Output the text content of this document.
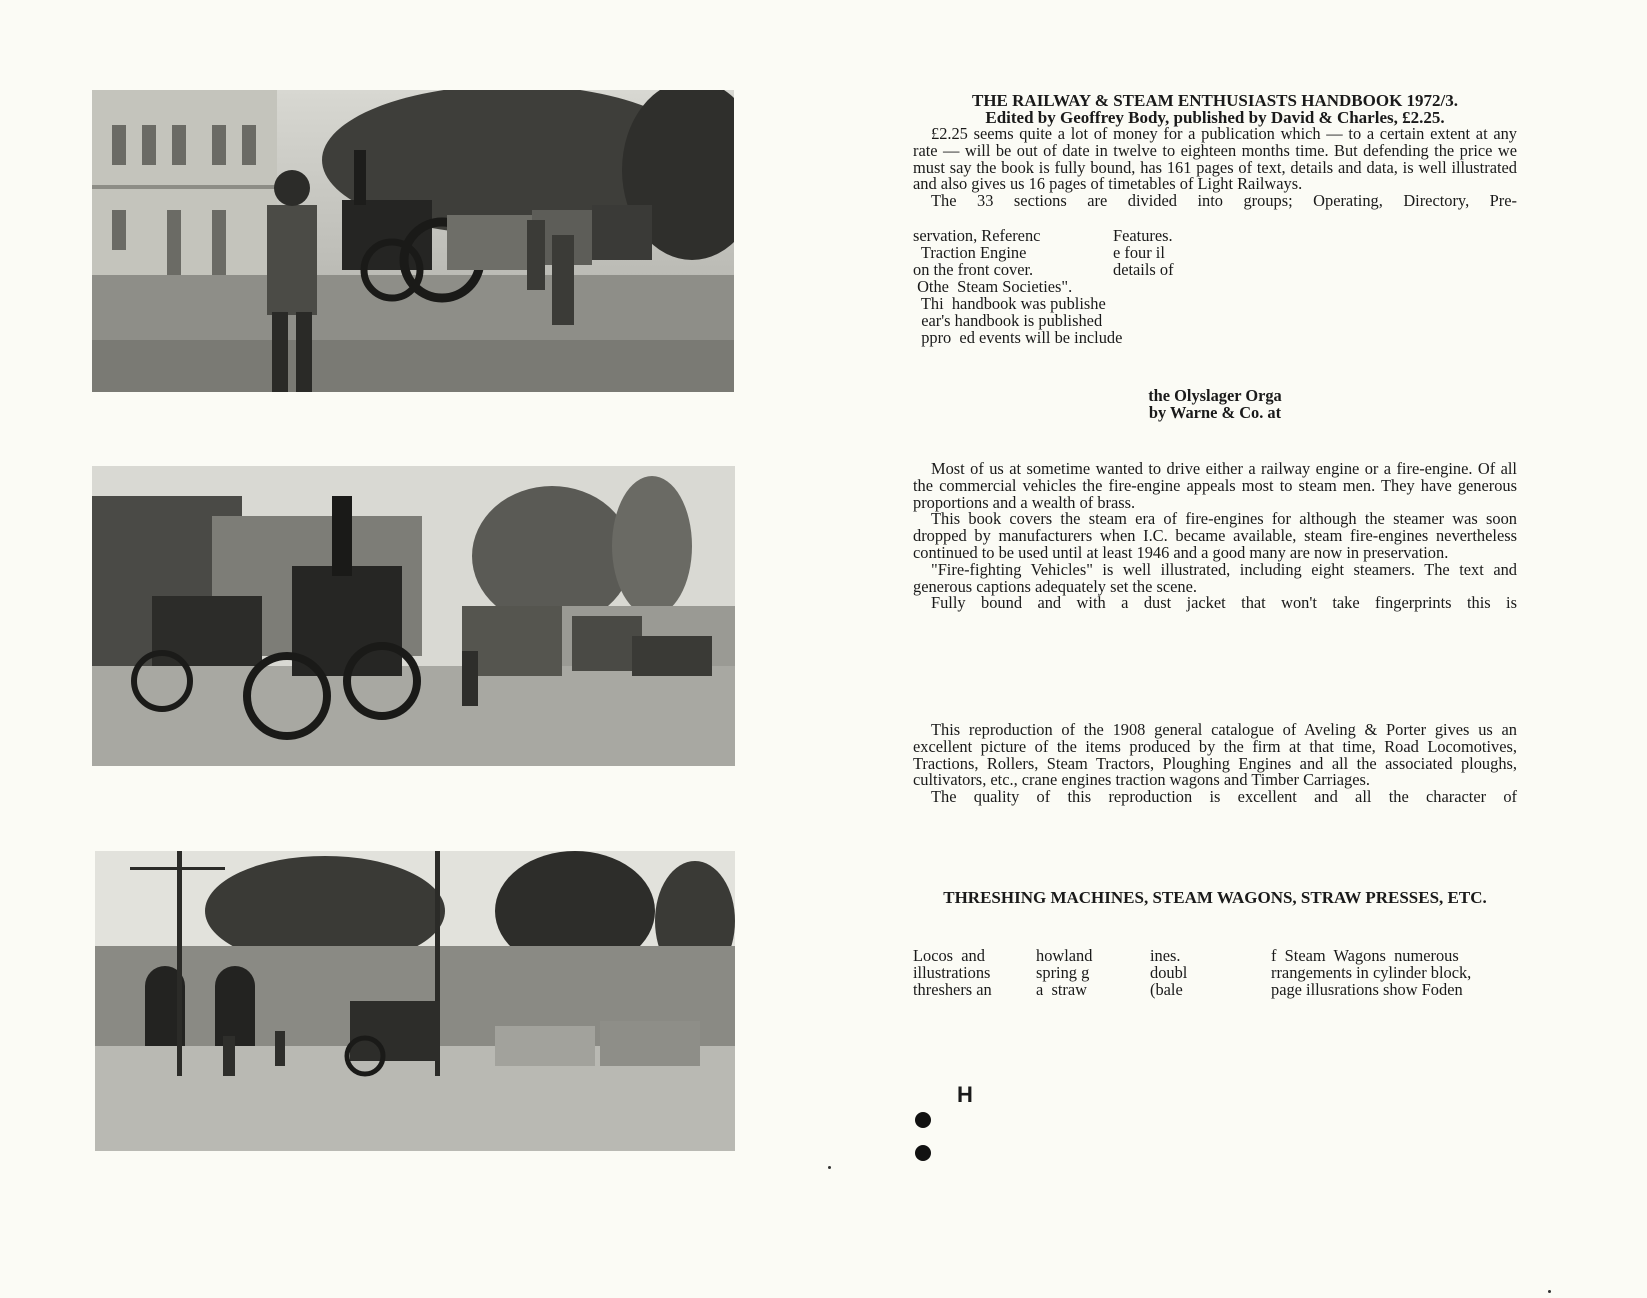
THE RAILWAY & STEAM ENTHUSIASTS HANDBOOK 1972/3.
Edited by Geoffrey Body, published by David & Charles, £2.25.

£2.25 seems quite a lot of money for a publication which — to a certain extent at any rate — will be out of date in twelve to eighteen months time. But defending the price we must say the book is fully bound, has 161 pages of text, details and data, is well illustrated and also gives us 16 pages of timetables of Light Railways.

The 33 sections are divided into groups; Operating, Directory, Pre-

servation, Referenc	Features.
Traction Engine	e four il
on the front cover.	details of
Othe  Steam Societies".
Thi  handbook was publishe
ear's handbook is published
ppro  ed events will be include
the Olyslager Orga
by Warne & Co. at

Most of us at sometime wanted to drive either a railway engine or a fire-engine. Of all the commercial vehicles the fire-engine appeals most to steam men. They have generous proportions and a wealth of brass.

This book covers the steam era of fire-engines for although the steamer was soon dropped by manufacturers when I.C. became available, steam fire-engines nevertheless continued to be used until at least 1946 and a good many are now in preservation.

"Fire-fighting Vehicles" is well illustrated, including eight steamers. The text and generous captions adequately set the scene.

Fully bound and with a dust jacket that won't take fingerprints this is

This reproduction of the 1908 general catalogue of Aveling & Porter gives us an excellent picture of the items produced by the firm at that time, Road Locomotives, Tractions, Rollers, Steam Tractors, Ploughing Engines and all the associated ploughs, cultivators, etc., crane engines traction wagons and Timber Carriages.

The quality of this reproduction is excellent and all the character of

THRESHING MACHINES, STEAM WAGONS, STRAW PRESSES, ETC.
Locos  and	howland	ines.	f  Steam  Wagons  numerous
illustrations	spring g	doubl	rrangements in cylinder block,
threshers an	a  straw	(bale	page illusrations show Foden
H
